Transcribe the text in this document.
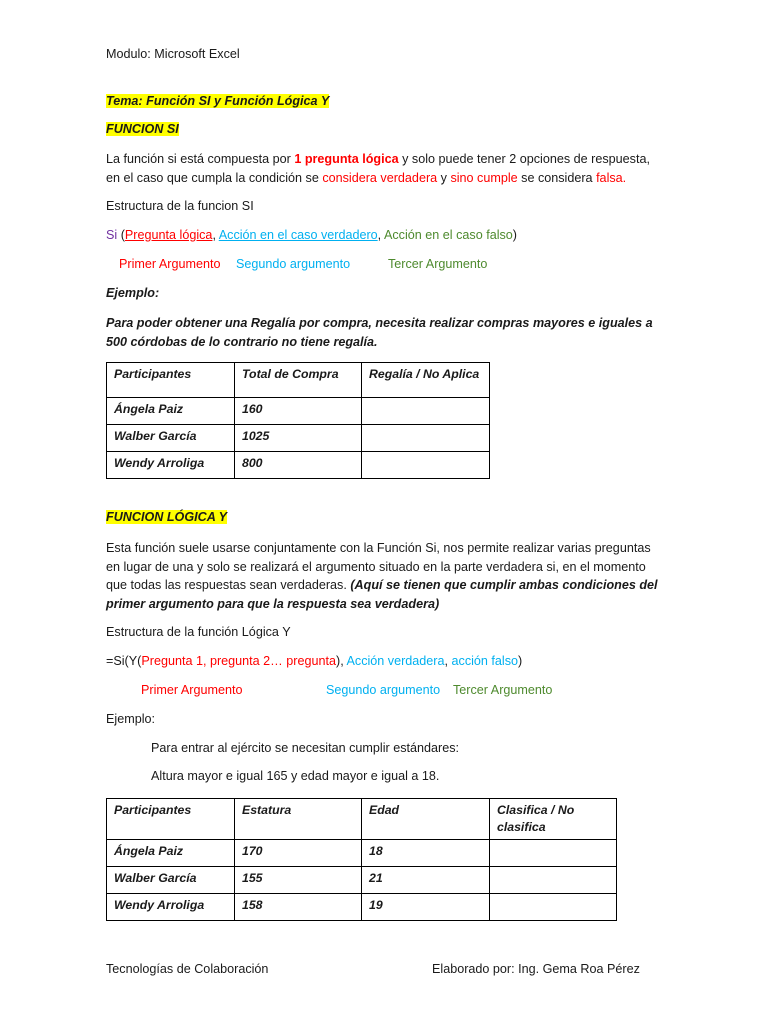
Modulo: Microsoft Excel
Tema: Función SI y Función Lógica Y
FUNCION SI
La función si está compuesta por 1 pregunta lógica y solo puede tener 2 opciones de respuesta, en el caso que cumpla la condición se considera verdadera y sino cumple se considera falsa.
Estructura de la funcion SI
Si (Pregunta lógica, Acción en el caso verdadero, Acción en el caso falso)
Primer Argumento Segundo argumento	Tercer Argumento
Ejemplo:
Para poder obtener una Regalía por compra, necesita realizar compras mayores e iguales a 500 córdobas de lo contrario no tiene regalía.
Participantes	Total de Compra	Regalía / No Aplica
Ángela Paiz	160	
Walber García	1025	
Wendy Arroliga	800	
FUNCION LÓGICA Y
Esta función suele usarse conjuntamente con la Función Si, nos permite realizar varias preguntas en lugar de una y solo se realizará el argumento situado en la parte verdadera si, en el momento que todas las respuestas sean verdaderas. (Aquí se tienen que cumplir ambas condiciones del primer argumento para que la respuesta sea verdadera)
Estructura de la función Lógica Y
=Si(Y(Pregunta 1, pregunta 2… pregunta), Acción verdadera, acción falso)
Primer Argumento	Segundo argumento Tercer Argumento
Ejemplo:
Para entrar al ejército se necesitan cumplir estándares:
Altura mayor e igual 165 y edad mayor e igual a 18.
Participantes	Estatura	Edad	Clasifica / No clasifica
Ángela Paiz	170	18	
Walber García	155	21	
Wendy Arroliga	158	19	
Tecnologías de Colaboración	Elaborado por: Ing. Gema Roa Pérez
